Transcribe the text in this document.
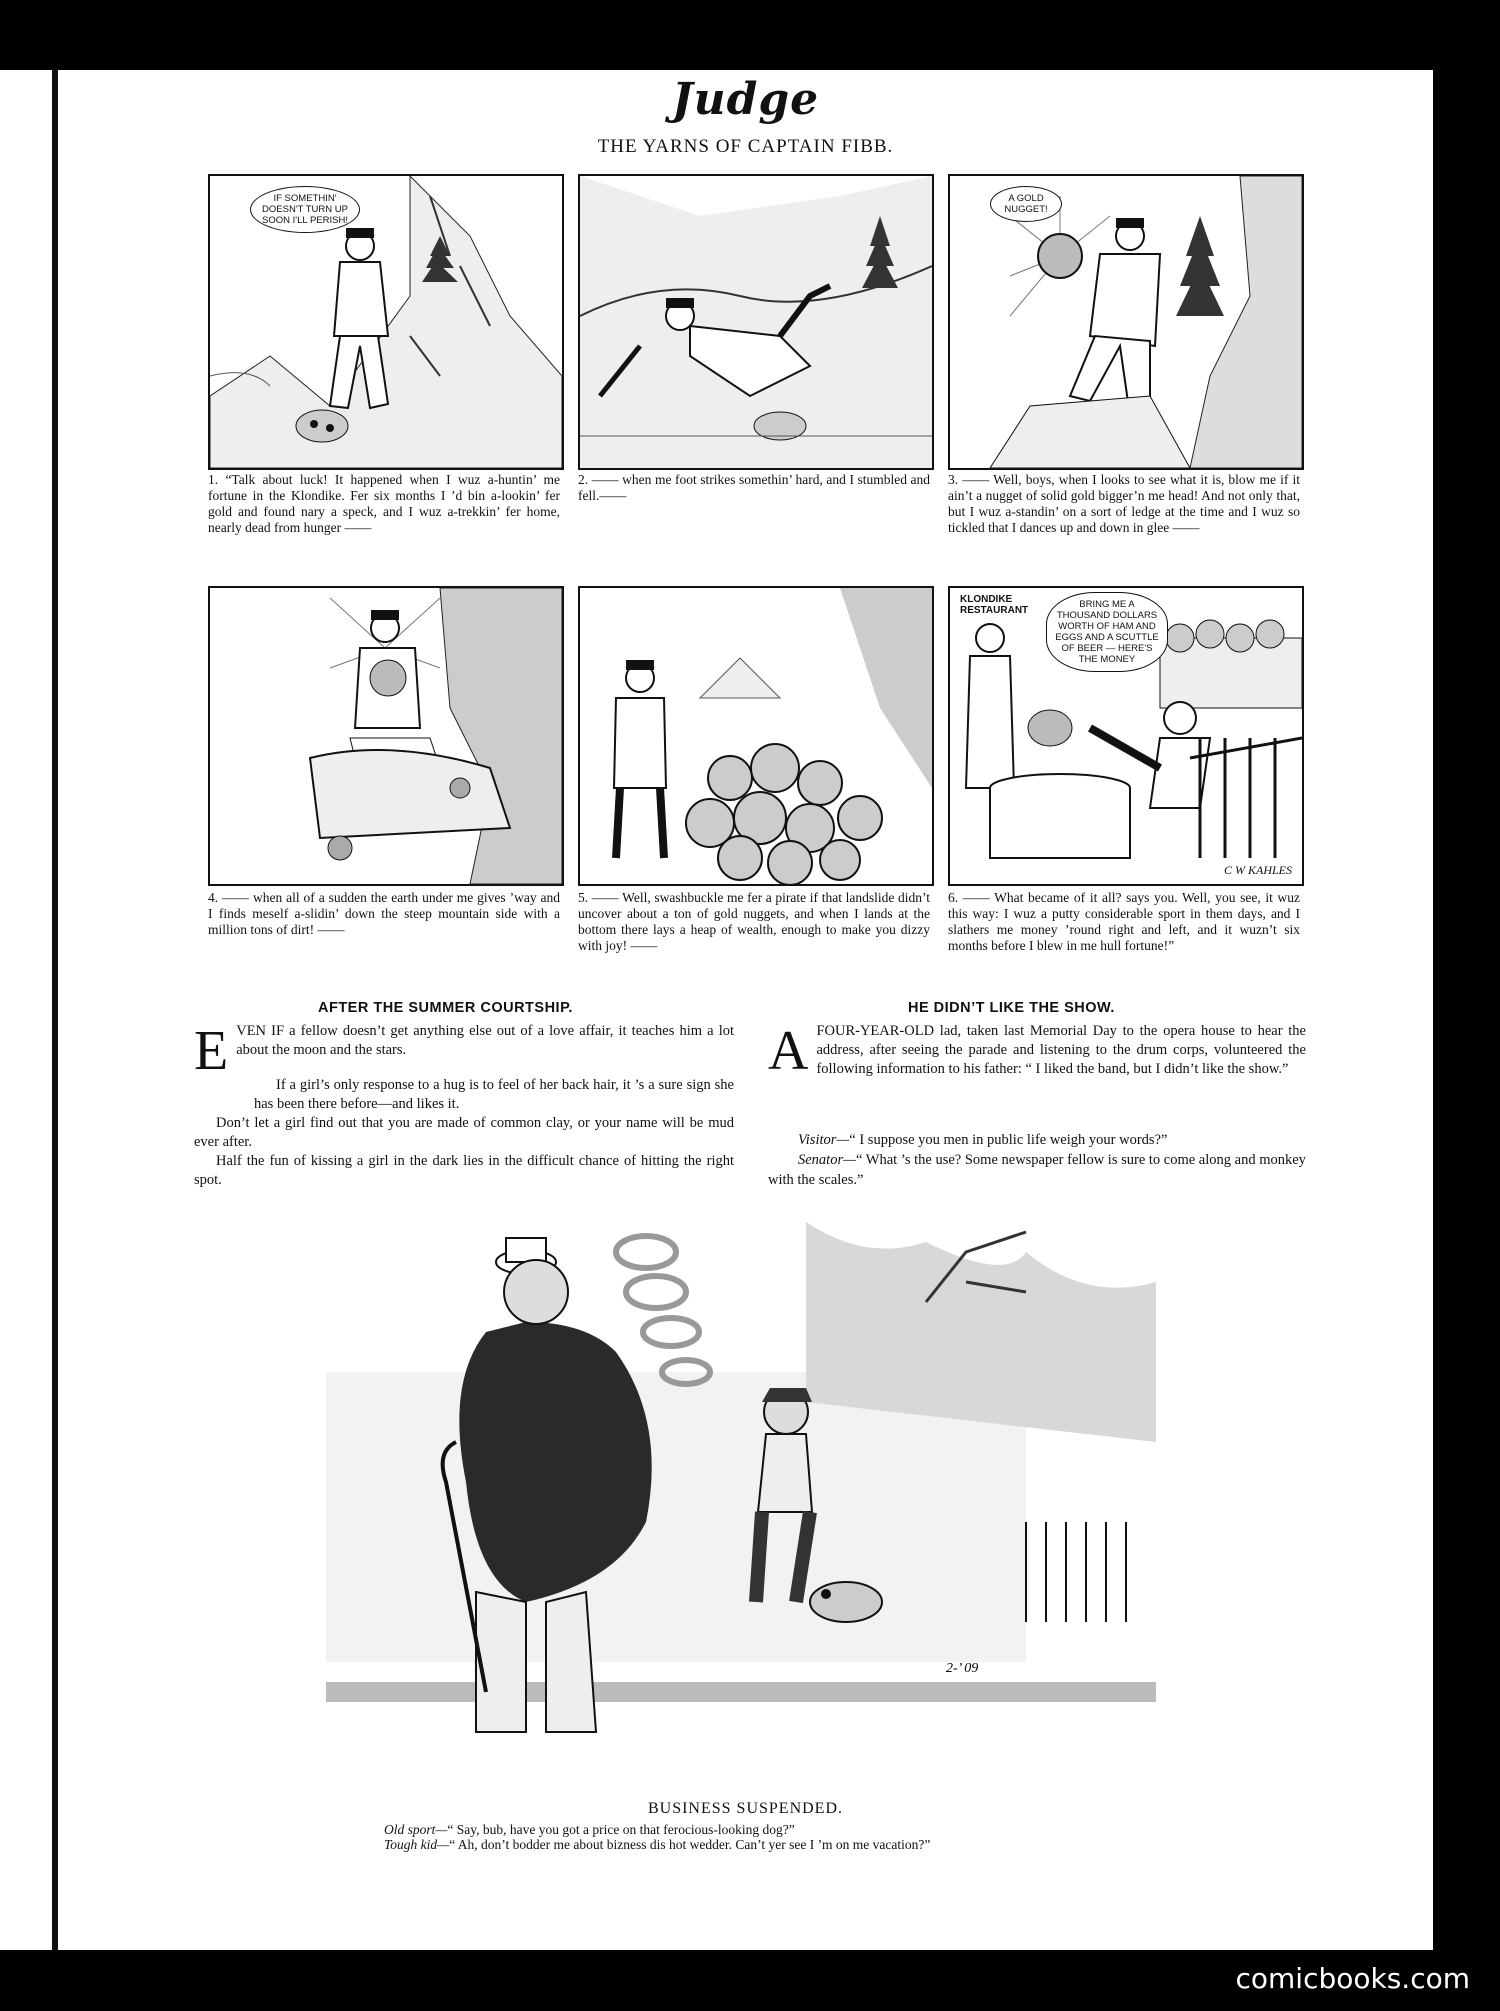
Judge
THE YARNS OF CAPTAIN FIBB.
IF SOMETHIN' DOESN'T TURN UP SOON I'LL PERISH!
A GOLD NUGGET!
1. “Talk about luck! It happened when I wuz a-huntin’ me fortune in the Klondike. Fer six months I ’d bin a-lookin’ fer gold and found nary a speck, and I wuz a-trekkin’ fer home, nearly dead from hunger ——
2. —— when me foot strikes somethin’ hard, and I stumbled and fell.——
3. —— Well, boys, when I looks to see what it is, blow me if it ain’t a nugget of solid gold bigger’n me head! And not only that, but I wuz a-standin’ on a sort of ledge at the time and I wuz so tickled that I dances up and down in glee ——
KLONDIKE RESTAURANT
BRING ME A THOUSAND DOLLARS WORTH OF HAM AND EGGS AND A SCUTTLE OF BEER — HERE'S THE MONEY
C W KAHLES
4. —— when all of a sudden the earth under me gives ’way and I finds meself a-slidin’ down the steep mountain side with a million tons of dirt! ——
5. —— Well, swashbuckle me fer a pirate if that landslide didn’t uncover about a ton of gold nuggets, and when I lands at the bottom there lays a heap of wealth, enough to make you dizzy with joy! ——
6. —— What became of it all? says you. Well, you see, it wuz this way: I wuz a putty considerable sport in them days, and I slathers me money ’round right and left, and it wuzn’t six months before I blew in me hull fortune!”
AFTER THE SUMMER COURTSHIP.
E VEN IF a fellow doesn’t get anything else out of a love affair, it teaches him a lot about the moon and the stars.
If a girl’s only response to a hug is to feel of her back hair, it ’s a sure sign she has been there before—and likes it.
Don’t let a girl find out that you are made of common clay, or your name will be mud ever after.
Half the fun of kissing a girl in the dark lies in the difficult chance of hitting the right spot.
HE DIDN’T LIKE THE SHOW.
A FOUR-YEAR-OLD lad, taken last Memorial Day to the opera house to hear the address, after seeing the parade and listening to the drum corps, volunteered the following information to his father: “ I liked the band, but I didn’t like the show.”
Visitor—“ I suppose you men in public life weigh your words?”
Senator—“ What ’s the use? Some newspaper fellow is sure to come along and monkey with the scales.”
2-’ 09
BUSINESS SUSPENDED.
Old sport—“ Say, bub, have you got a price on that ferocious-looking dog?”
Tough kid—“ Ah, don’t bodder me about bizness dis hot wedder. Can’t yer see I ’m on me vacation?”
comicbooks.com
